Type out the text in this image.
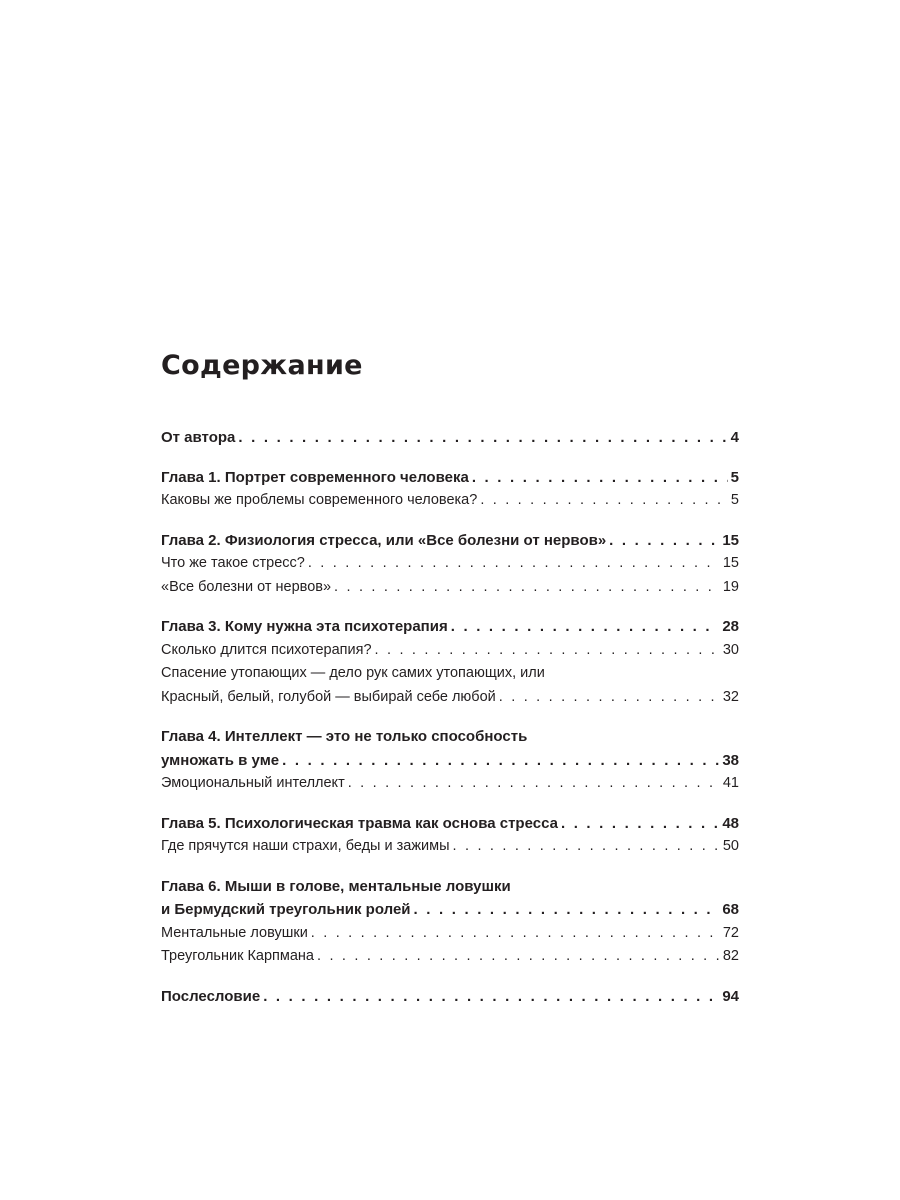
Содержание
От автора . . .	4
Глава 1. Портрет современного человека . . .	5
Каковы же проблемы современного человека? . . .	5
Глава 2. Физиология стресса, или «Все болезни от нервов» . . .	15
Что же такое стресс? . . .	15
«Все болезни от нервов» . . .	19
Глава 3. Кому нужна эта психотерапия . . .	28
Сколько длится психотерапия? . . .	30
Спасение утопающих — дело рук самих утопающих, или
Красный, белый, голубой — выбирай себе любой . . .	32
Глава 4. Интеллект — это не только способность
умножать в уме . . .	38
Эмоциональный интеллект . . .	41
Глава 5. Психологическая травма как основа стресса . . .	48
Где прячутся наши страхи, беды и зажимы . . .	50
Глава 6. Мыши в голове, ментальные ловушки
и Бермудский треугольник ролей . . .	68
Ментальные ловушки . . .	72
Треугольник Карпмана . . .	82
Послесловие . . .	94
